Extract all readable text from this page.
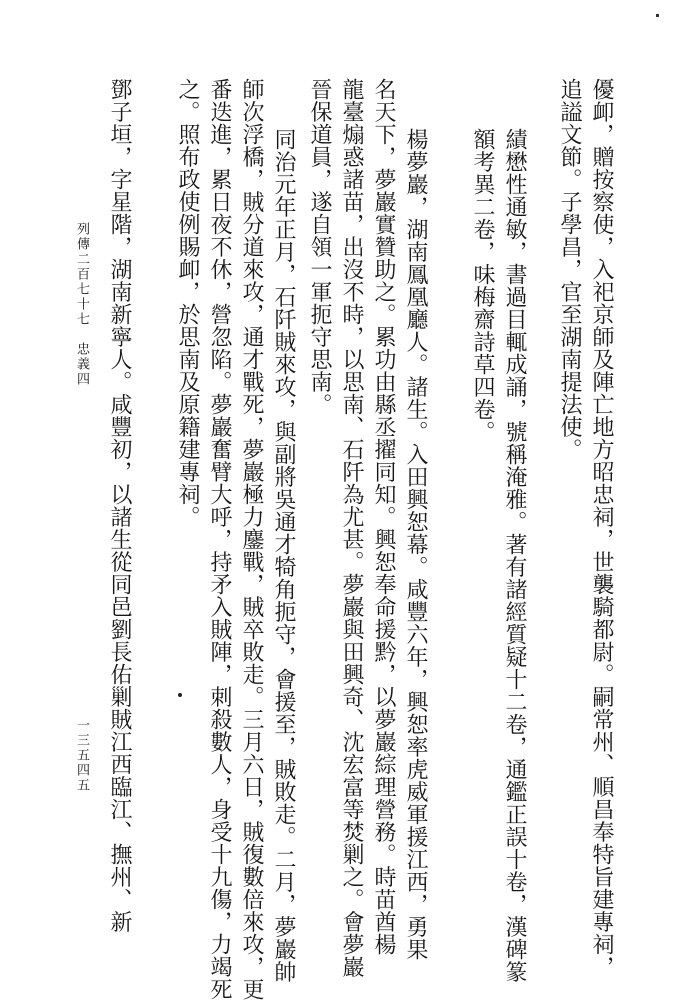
優卹，贈按察使，入祀京師及陣亡地方昭忠祠，世襲騎都尉。嗣常州、順昌奉特旨建專祠，
追謚文節。子學昌，官至湖南提法使。
績懋性通敏，書過目輒成誦，號稱淹雅。著有諸經質疑十二卷，通鑑正誤十卷，漢碑篆
額考異二卷，味梅齋詩草四卷。
楊夢巖，湖南鳳凰廳人。諸生。入田興恕幕。咸豐六年，興恕率虎威軍援江西，勇果
名天下，夢巖實贊助之。累功由縣丞擢同知。興恕奉命援黔，以夢巖綜理營務。時苗酋楊
龍臺煽惑諸苗，出沒不時，以思南、石阡為尤甚。夢巖與田興奇、沈宏富等焚剿之。會夢巖
晉保道員，遂自領一軍扼守思南。
同治元年正月，石阡賊來攻，與副將吳通才犄角扼守，會援至，賊敗走。二月，夢巖帥
師次浮橋，賊分道來攻，通才戰死，夢巖極力鏖戰，賊卒敗走。三月六日，賊復數倍來攻，更
番迭進，累日夜不休，營忽陷。夢巖奮臂大呼，持矛入賊陣，刺殺數人，身受十九傷，力竭死
之。照布政使例賜卹，於思南及原籍建專祠。
鄧子垣，字星階，湖南新寧人。咸豐初，以諸生從同邑劉長佑剿賊江西臨江、撫州、新
列傳二百七十七　忠義四
一三五四五
